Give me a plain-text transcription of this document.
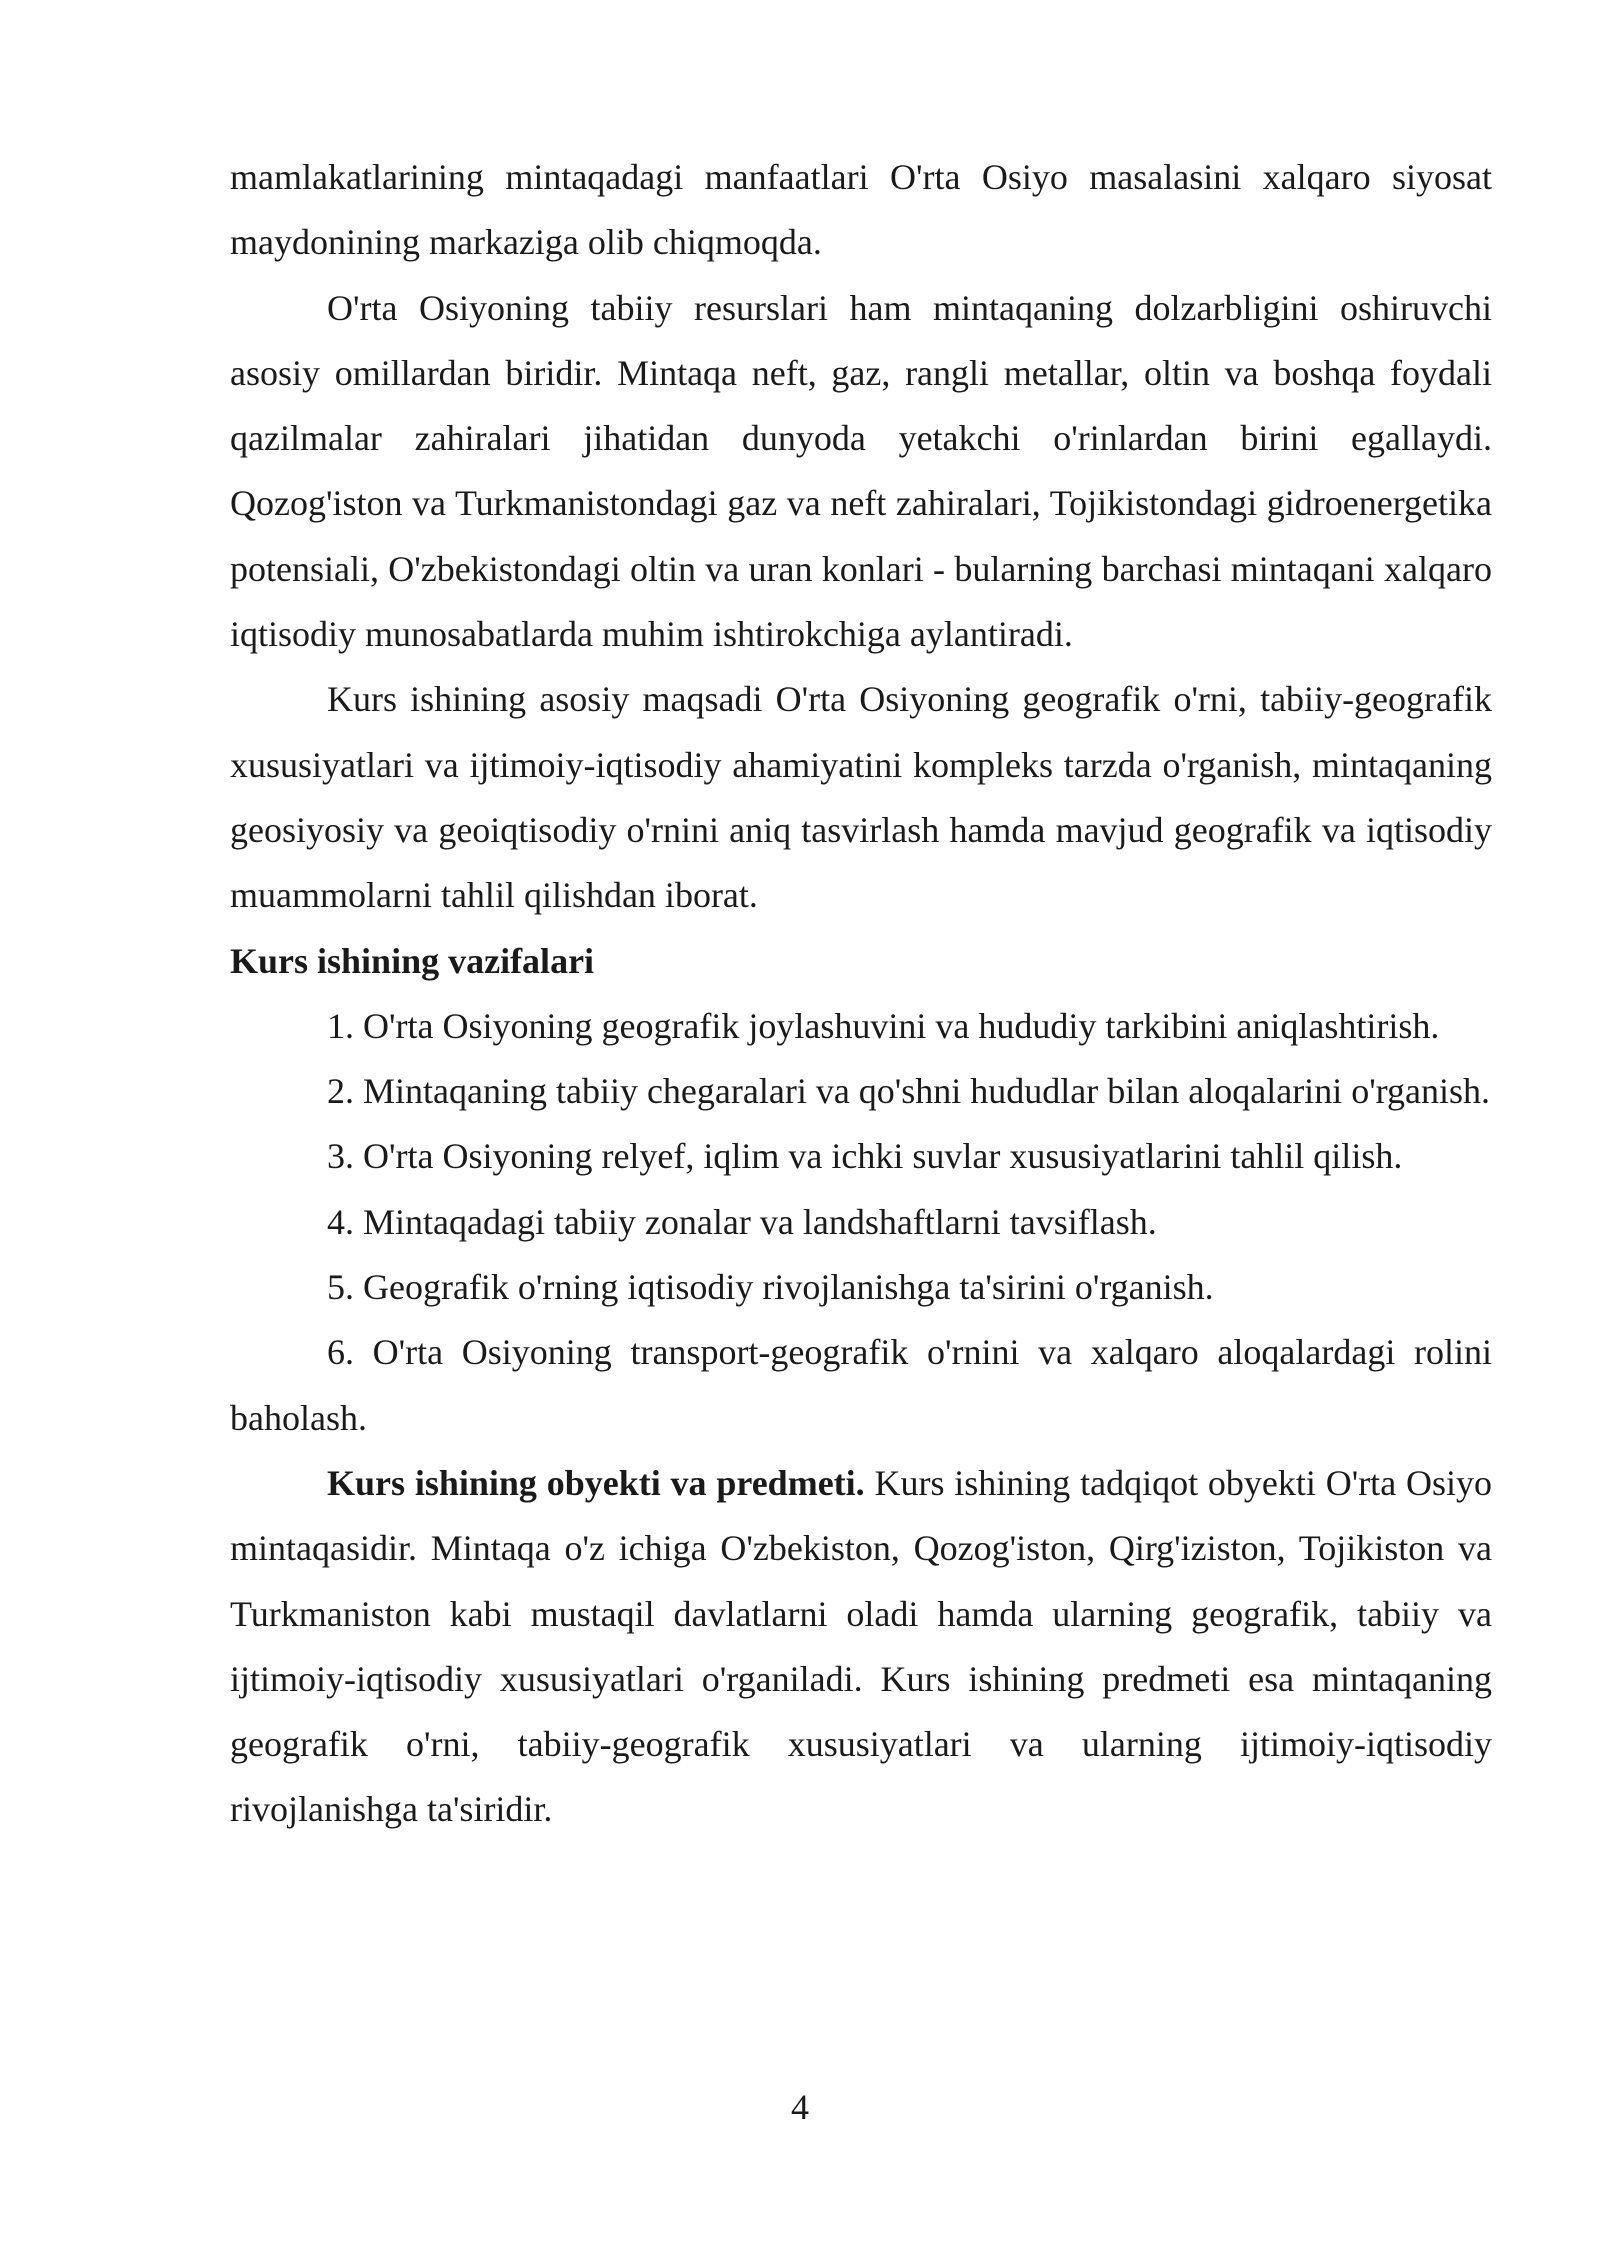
mamlakatlarining mintaqadagi manfaatlari O'rta Osiyo masalasini xalqaro siyosat maydonining markaziga olib chiqmoqda.

O'rta Osiyoning tabiiy resurslari ham mintaqaning dolzarbligini oshiruvchi asosiy omillardan biridir. Mintaqa neft, gaz, rangli metallar, oltin va boshqa foydali qazilmalar zahiralari jihatidan dunyoda yetakchi o'rinlardan birini egallaydi. Qozog'iston va Turkmanistondagi gaz va neft zahiralari, Tojikistondagi gidroenergetika potensiali, O'zbekistondagi oltin va uran konlari - bularning barchasi mintaqani xalqaro iqtisodiy munosabatlarda muhim ishtirokchiga aylantiradi.

Kurs ishining asosiy maqsadi O'rta Osiyoning geografik o'rni, tabiiy-geografik xususiyatlari va ijtimoiy-iqtisodiy ahamiyatini kompleks tarzda o'rganish, mintaqaning geosiyosiy va geoiqtisodiy o'rnini aniq tasvirlash hamda mavjud geografik va iqtisodiy muammolarni tahlil qilishdan iborat.

Kurs ishining vazifalari

1. O'rta Osiyoning geografik joylashuvini va hududiy tarkibini aniqlashtirish.

2. Mintaqaning tabiiy chegaralari va qo'shni hududlar bilan aloqalarini o'rganish.

3. O'rta Osiyoning relyef, iqlim va ichki suvlar xususiyatlarini tahlil qilish.

4. Mintaqadagi tabiiy zonalar va landshaftlarni tavsiflash.

5. Geografik o'rning iqtisodiy rivojlanishga ta'sirini o'rganish.

6. O'rta Osiyoning transport-geografik o'rnini va xalqaro aloqalardagi rolini baholash.

Kurs ishining obyekti va predmeti. Kurs ishining tadqiqot obyekti O'rta Osiyo mintaqasidir. Mintaqa o'z ichiga O'zbekiston, Qozog'iston, Qirg'iziston, Tojikiston va Turkmaniston kabi mustaqil davlatlarni oladi hamda ularning geografik, tabiiy va ijtimoiy-iqtisodiy xususiyatlari o'rganiladi. Kurs ishining predmeti esa mintaqaning geografik o'rni, tabiiy-geografik xususiyatlari va ularning ijtimoiy-iqtisodiy rivojlanishga ta'siridir.

4
